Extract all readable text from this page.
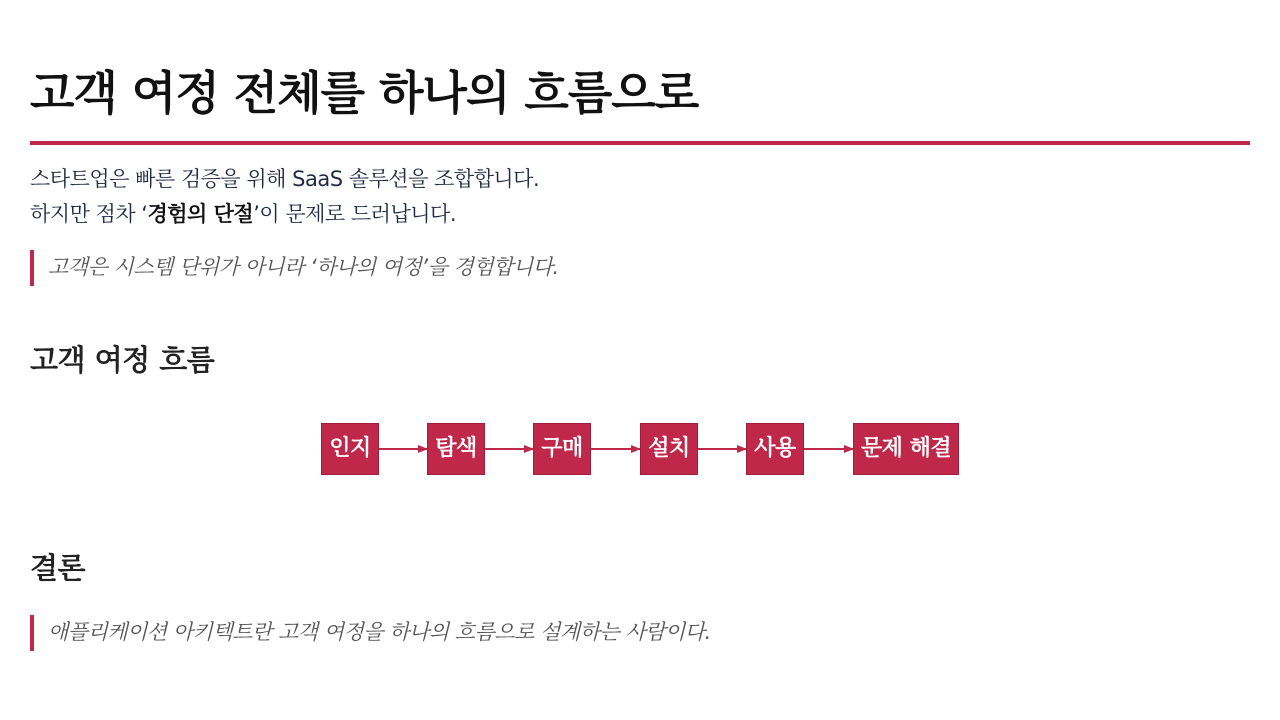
고객 여정 전체를 하나의 흐름으로

스타트업은 빠른 검증을 위해 SaaS 솔루션을 조합합니다.

하지만 점차 ‘경험의 단절’이 문제로 드러납니다.

고객은 시스템 단위가 아니라 ‘하나의 여정’을 경험합니다.
고객 여정 흐름
결론
애플리케이션 아키텍트란 고객 여정을 하나의 흐름으로 설계하는 사람이다.
인지	탐색	구매	설치	사용	문제 해결
